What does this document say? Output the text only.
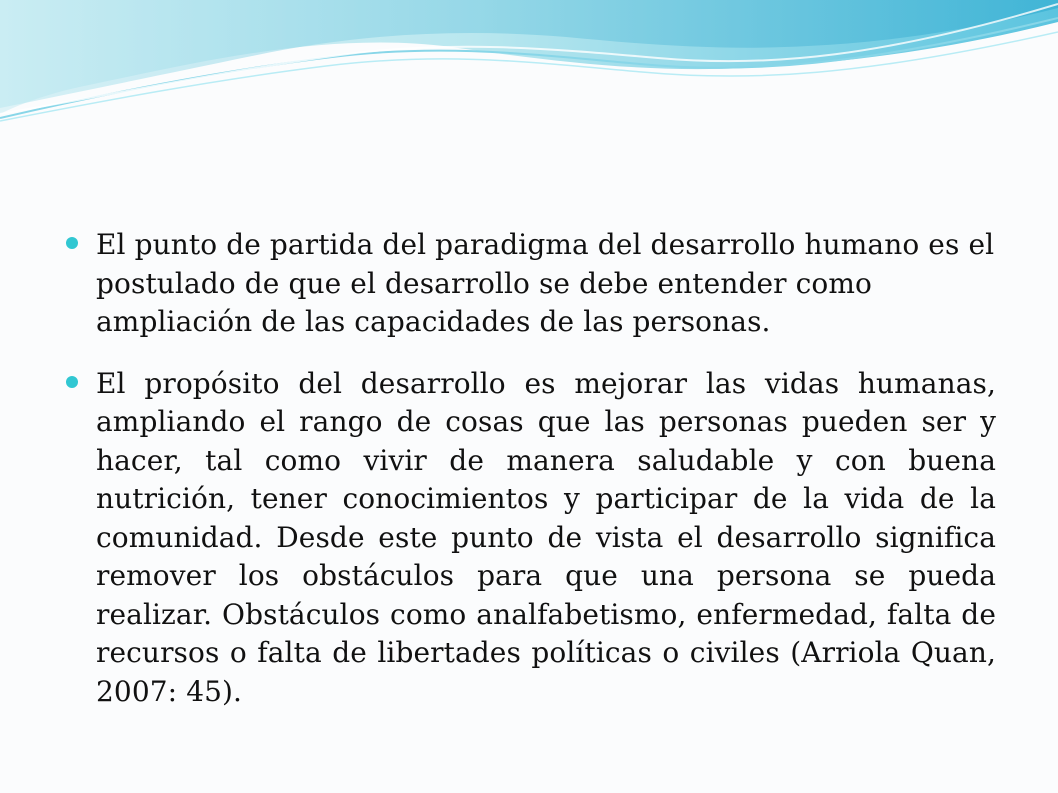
El punto de partida del paradigma del desarrollo humano es el postulado de que el desarrollo se debe entender como ampliación de las capacidades de las personas.
El propósito del desarrollo es mejorar las vidas humanas, ampliando el rango de cosas que las personas pueden ser y hacer, tal como vivir de manera saludable y con buena nutrición, tener conocimientos y participar de la vida de la comunidad. Desde este punto de vista el desarrollo significa remover los obstáculos para que una persona se pueda realizar. Obstáculos como analfabetismo, enfermedad, falta de recursos o falta de libertades políticas o civiles (Arriola Quan, 2007: 45).
